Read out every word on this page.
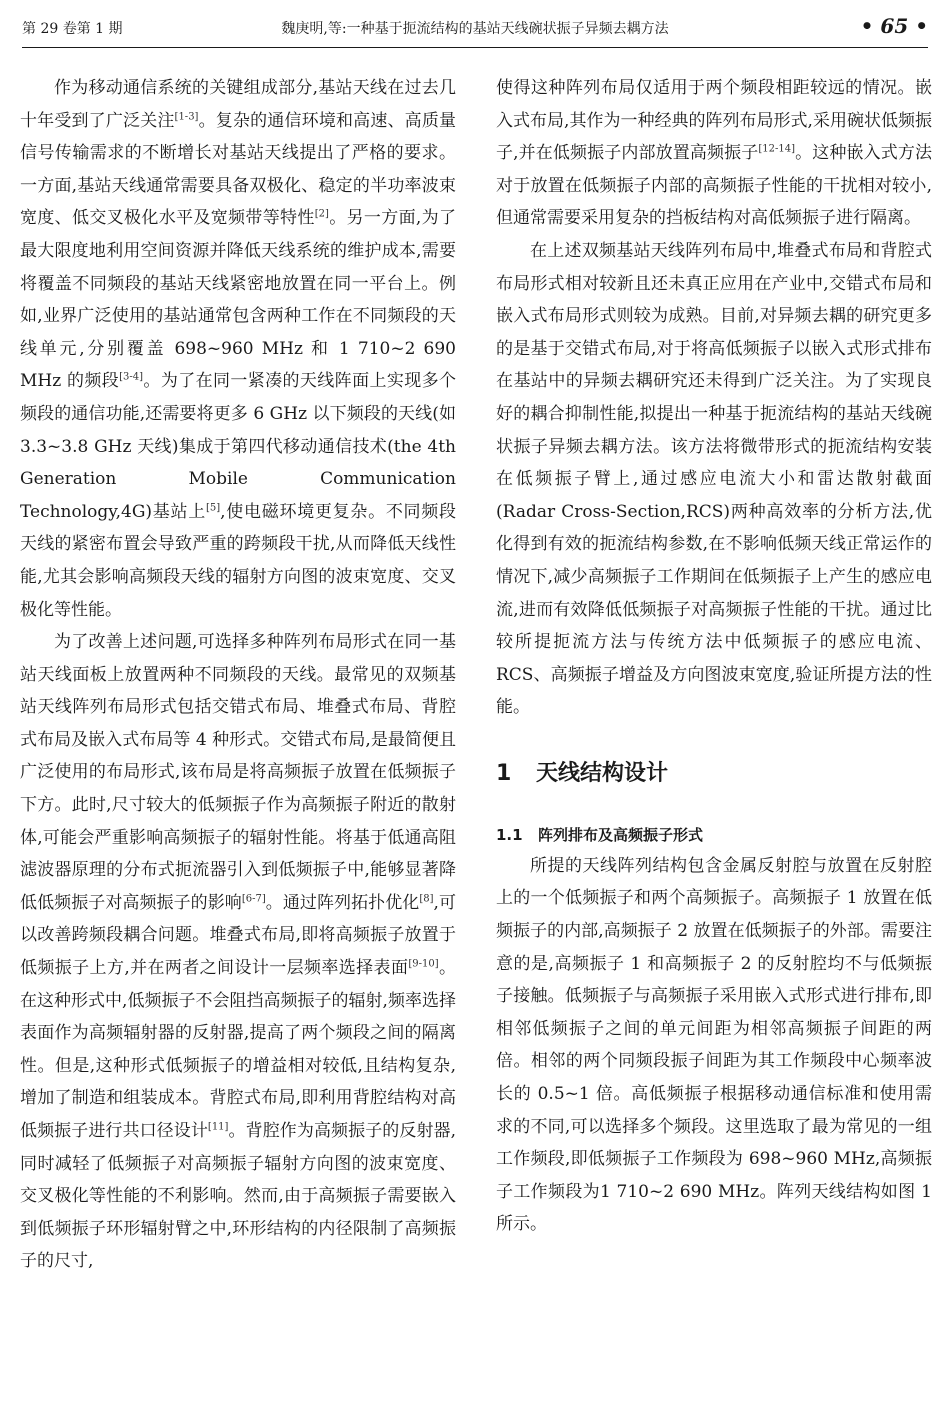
第 29 卷第 1 期	魏庚明,等:一种基于扼流结构的基站天线碗状振子异频去耦方法	• 65 •

作为移动通信系统的关键组成部分,基站天线在过去几十年受到了广泛关注[1-3]。复杂的通信环境和高速、高质量信号传输需求的不断增长对基站天线提出了严格的要求。一方面,基站天线通常需要具备双极化、稳定的半功率波束宽度、低交叉极化水平及宽频带等特性[2]。另一方面,为了最大限度地利用空间资源并降低天线系统的维护成本,需要将覆盖不同频段的基站天线紧密地放置在同一平台上。例如,业界广泛使用的基站通常包含两种工作在不同频段的天线单元,分别覆盖 698~960 MHz 和 1 710~2 690 MHz 的频段[3-4]。为了在同一紧凑的天线阵面上实现多个频段的通信功能,还需要将更多 6 GHz 以下频段的天线(如 3.3~3.8 GHz 天线)集成于第四代移动通信技术(the 4th Generation Mobile Communication Technology,4G)基站上[5],使电磁环境更复杂。不同频段天线的紧密布置会导致严重的跨频段干扰,从而降低天线性能,尤其会影响高频段天线的辐射方向图的波束宽度、交叉极化等性能。

为了改善上述问题,可选择多种阵列布局形式在同一基站天线面板上放置两种不同频段的天线。最常见的双频基站天线阵列布局形式包括交错式布局、堆叠式布局、背腔式布局及嵌入式布局等 4 种形式。交错式布局,是最简便且广泛使用的布局形式,该布局是将高频振子放置在低频振子下方。此时,尺寸较大的低频振子作为高频振子附近的散射体,可能会严重影响高频振子的辐射性能。将基于低通高阻滤波器原理的分布式扼流器引入到低频振子中,能够显著降低低频振子对高频振子的影响[6-7]。通过阵列拓扑优化[8],可以改善跨频段耦合问题。堆叠式布局,即将高频振子放置于低频振子上方,并在两者之间设计一层频率选择表面[9-10]。在这种形式中,低频振子不会阻挡高频振子的辐射,频率选择表面作为高频辐射器的反射器,提高了两个频段之间的隔离性。但是,这种形式低频振子的增益相对较低,且结构复杂,增加了制造和组装成本。背腔式布局,即利用背腔结构对高低频振子进行共口径设计[11]。背腔作为高频振子的反射器,同时减轻了低频振子对高频振子辐射方向图的波束宽度、交叉极化等性能的不利影响。然而,由于高频振子需要嵌入到低频振子环形辐射臂之中,环形结构的内径限制了高频振子的尺寸,

使得这种阵列布局仅适用于两个频段相距较远的情况。嵌入式布局,其作为一种经典的阵列布局形式,采用碗状低频振子,并在低频振子内部放置高频振子[12-14]。这种嵌入式方法对于放置在低频振子内部的高频振子性能的干扰相对较小,但通常需要采用复杂的挡板结构对高低频振子进行隔离。

在上述双频基站天线阵列布局中,堆叠式布局和背腔式布局形式相对较新且还未真正应用在产业中,交错式布局和嵌入式布局形式则较为成熟。目前,对异频去耦的研究更多的是基于交错式布局,对于将高低频振子以嵌入式形式排布在基站中的异频去耦研究还未得到广泛关注。为了实现良好的耦合抑制性能,拟提出一种基于扼流结构的基站天线碗状振子异频去耦方法。该方法将微带形式的扼流结构安装在低频振子臂上,通过感应电流大小和雷达散射截面(Radar Cross-Section,RCS)两种高效率的分析方法,优化得到有效的扼流结构参数,在不影响低频天线正常运作的情况下,减少高频振子工作期间在低频振子上产生的感应电流,进而有效降低低频振子对高频振子性能的干扰。通过比较所提扼流方法与传统方法中低频振子的感应电流、RCS、高频振子增益及方向图波束宽度,验证所提方法的性能。

1 天线结构设计
1.1 阵列排布及高频振子形式

所提的天线阵列结构包含金属反射腔与放置在反射腔上的一个低频振子和两个高频振子。高频振子 1 放置在低频振子的内部,高频振子 2 放置在低频振子的外部。需要注意的是,高频振子 1 和高频振子 2 的反射腔均不与低频振子接触。低频振子与高频振子采用嵌入式形式进行排布,即相邻低频振子之间的单元间距为相邻高频振子间距的两倍。相邻的两个同频段振子间距为其工作频段中心频率波长的 0.5~1 倍。高低频振子根据移动通信标准和使用需求的不同,可以选择多个频段。这里选取了最为常见的一组工作频段,即低频振子工作频段为 698~960 MHz,高频振子工作频段为1 710~2 690 MHz。阵列天线结构如图 1 所示。
